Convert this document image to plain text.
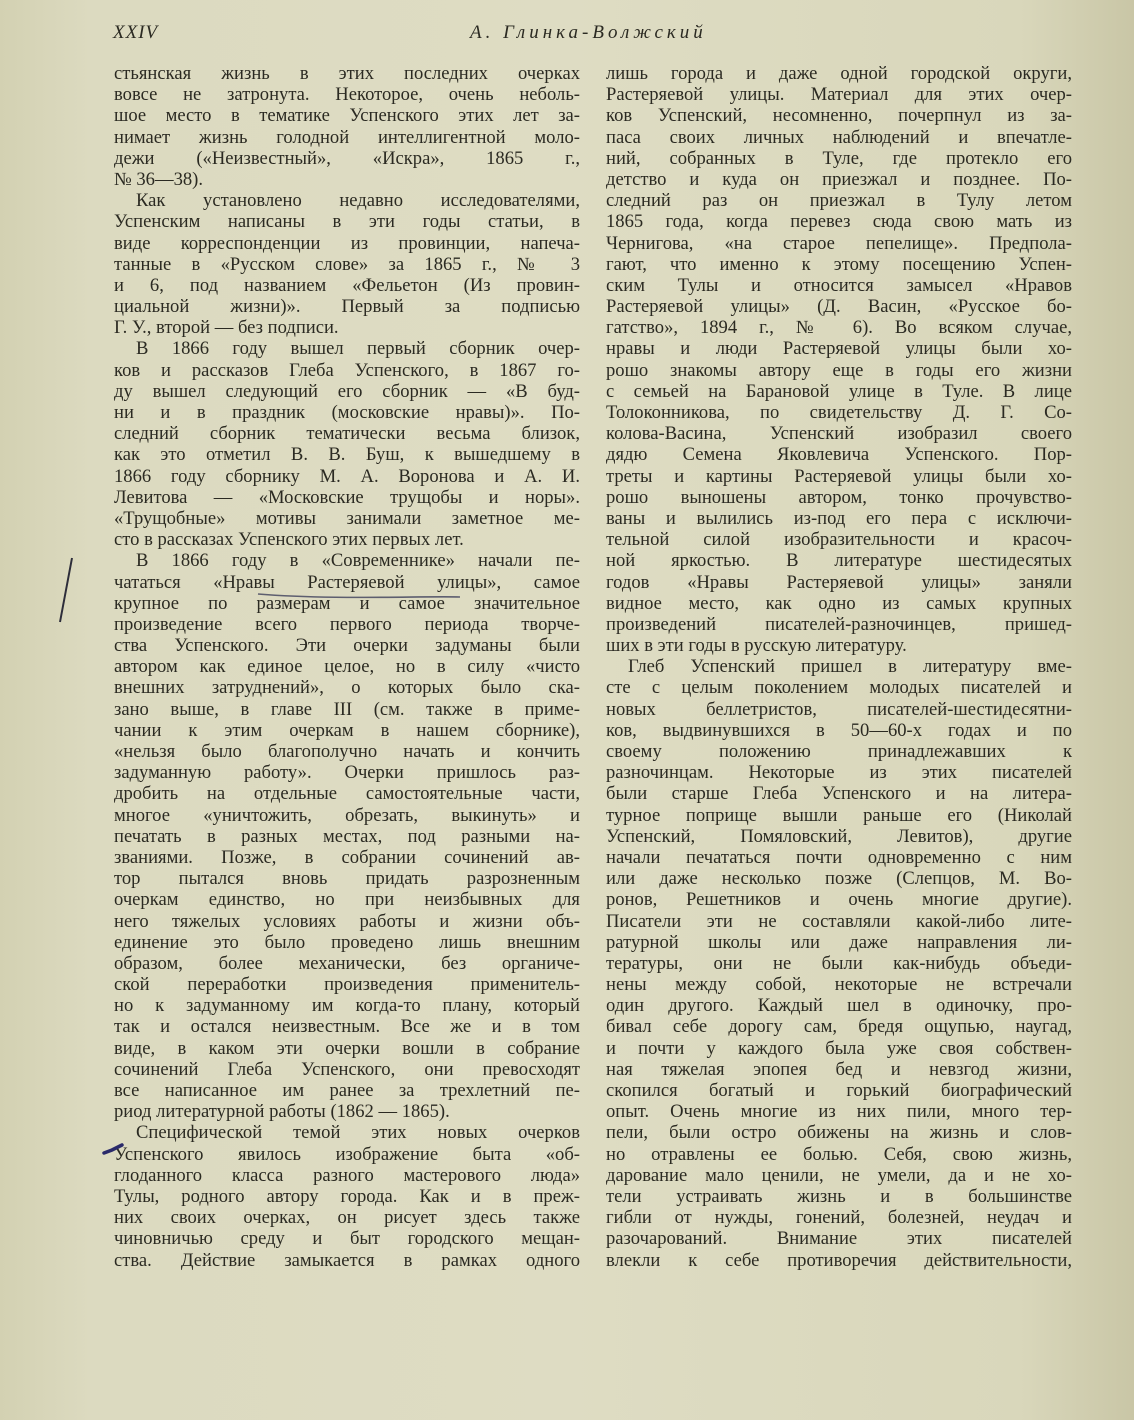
XXIV	А. Глинка-Волжский
стьянская жизнь в этих последних очерках
вовсе не затронута. Некоторое, очень неболь-
шое место в тематике Успенского этих лет за-
нимает жизнь голодной интеллигентной моло-
дежи («Неизвестный», «Искра», 1865 г.,
№ 36—38).
Как установлено недавно исследователями,
Успенским написаны в эти годы статьи, в
виде корреспонденции из провинции, напеча-
танные в «Русском слове» за 1865 г., № 3
и 6, под названием «Фельетон (Из провин-
циальной жизни)». Первый за подписью
Г. У., второй — без подписи.
В 1866 году вышел первый сборник очер-
ков и рассказов Глеба Успенского, в 1867 го-
ду вышел следующий его сборник — «В буд-
ни и в праздник (московские нравы)». По-
следний сборник тематически весьма близок,
как это отметил В. В. Буш, к вышедшему в
1866 году сборнику М. А. Воронова и А. И.
Левитова — «Московские трущобы и норы».
«Трущобные» мотивы занимали заметное ме-
сто в рассказах Успенского этих первых лет.
В 1866 году в «Современнике» начали пе-
чататься «Нравы Растеряевой улицы», самое
крупное по размерам и самое значительное
произведение всего первого периода творче-
ства Успенского. Эти очерки задуманы были
автором как единое целое, но в силу «чисто
внешних затруднений», о которых было ска-
зано выше, в главе III (см. также в приме-
чании к этим очеркам в нашем сборнике),
«нельзя было благополучно начать и кончить
задуманную работу». Очерки пришлось раз-
дробить на отдельные самостоятельные части,
многое «уничтожить, обрезать, выкинуть» и
печатать в разных местах, под разными на-
званиями. Позже, в собрании сочинений ав-
тор пытался вновь придать разрозненным
очеркам единство, но при неизбывных для
него тяжелых условиях работы и жизни объ-
единение это было проведено лишь внешним
образом, более механически, без органиче-
ской переработки произведения применитель-
но к задуманному им когда-то плану, который
так и остался неизвестным. Все же и в том
виде, в каком эти очерки вошли в собрание
сочинений Глеба Успенского, они превосходят
все написанное им ранее за трехлетний пе-
риод литературной работы (1862 — 1865).
Специфической темой этих новых очерков
Успенского явилось изображение быта «об-
глоданного класса разного мастерового люда»
Тулы, родного автору города. Как и в преж-
них своих очерках, он рисует здесь также
чиновничью среду и быт городского мещан-
ства. Действие замыкается в рамках одного
лишь города и даже одной городской округи,
Растеряевой улицы. Материал для этих очер-
ков Успенский, несомненно, почерпнул из за-
паса своих личных наблюдений и впечатле-
ний, собранных в Туле, где протекло его
детство и куда он приезжал и позднее. По-
следний раз он приезжал в Тулу летом
1865 года, когда перевез сюда свою мать из
Чернигова, «на старое пепелище». Предпола-
гают, что именно к этому посещению Успен-
ским Тулы и относится замысел «Нравов
Растеряевой улицы» (Д. Васин, «Русское бо-
гатство», 1894 г., № 6). Во всяком случае,
нравы и люди Растеряевой улицы были хо-
рошо знакомы автору еще в годы его жизни
с семьей на Барановой улице в Туле. В лице
Толоконникова, по свидетельству Д. Г. Со-
колова-Васина, Успенский изобразил своего
дядю Семена Яковлевича Успенского. Пор-
треты и картины Растеряевой улицы были хо-
рошо выношены автором, тонко прочувство-
ваны и вылились из-под его пера с исключи-
тельной силой изобразительности и красоч-
ной яркостью. В литературе шестидесятых
годов «Нравы Растеряевой улицы» заняли
видное место, как одно из самых крупных
произведений писателей-разночинцев, пришед-
ших в эти годы в русскую литературу.
Глеб Успенский пришел в литературу вме-
сте с целым поколением молодых писателей и
новых беллетристов, писателей-шестидесятни-
ков, выдвинувшихся в 50—60-х годах и по
своему положению принадлежавших к
разночинцам. Некоторые из этих писателей
были старше Глеба Успенского и на литера-
турное поприще вышли раньше его (Николай
Успенский, Помяловский, Левитов), другие
начали печататься почти одновременно с ним
или даже несколько позже (Слепцов, М. Во-
ронов, Решетников и очень многие другие).
Писатели эти не составляли какой-либо лите-
ратурной школы или даже направления ли-
тературы, они не были как-нибудь объеди-
нены между собой, некоторые не встречали
один другого. Каждый шел в одиночку, про-
бивал себе дорогу сам, бредя ощупью, наугад,
и почти у каждого была уже своя собствен-
ная тяжелая эпопея бед и невзгод жизни,
скопился богатый и горький биографический
опыт. Очень многие из них пили, много тер-
пели, были остро обижены на жизнь и слов-
но отравлены ее болью. Себя, свою жизнь,
дарование мало ценили, не умели, да и не хо-
тели устраивать жизнь и в большинстве
гибли от нужды, гонений, болезней, неудач и
разочарований. Внимание этих писателей
влекли к себе противоречия действительности,
